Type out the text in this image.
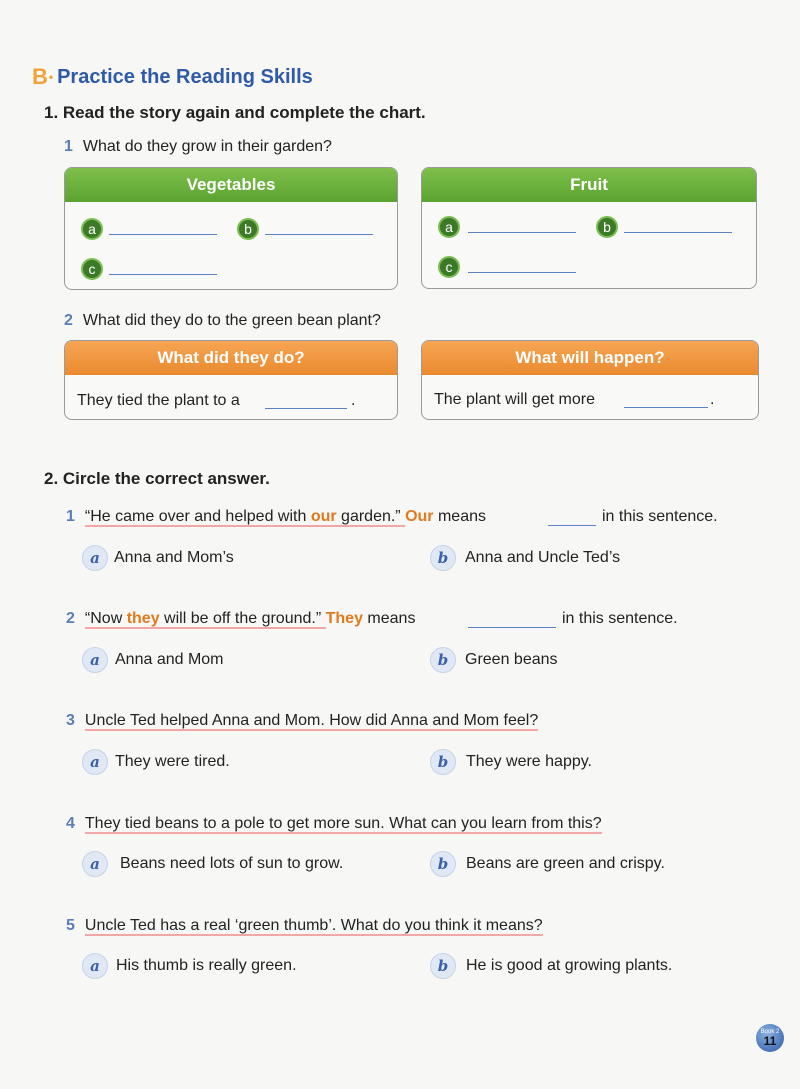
B • Practice the Reading Skills
1. Read the story again and complete the chart.
1 What do they grow in their garden?
Vegetables
a	b
c
Fruit
a	b
c
2 What did they do to the green bean plant?
What did they do?
They tied the plant to a	.
What will happen?
The plant will get more	.
2. Circle the correct answer.
1 “He came over and helped with our garden.” Our means	in this sentence.
a Anna and Mom’s	b	Anna and Uncle Ted’s
2 “Now they will be off the ground.” They means	in this sentence.
a Anna and Mom	b	Green beans
3 Uncle Ted helped Anna and Mom. How did Anna and Mom feel?
a They were tired.	b	They were happy.
4 They tied beans to a pole to get more sun. What can you learn from this?
a	Beans need lots of sun to grow.	b	Beans are green and crispy.
5 Uncle Ted has a real ‘green thumb’. What do you think it means?
a	His thumb is really green.	b	He is good at growing plants.
Book 2
11
